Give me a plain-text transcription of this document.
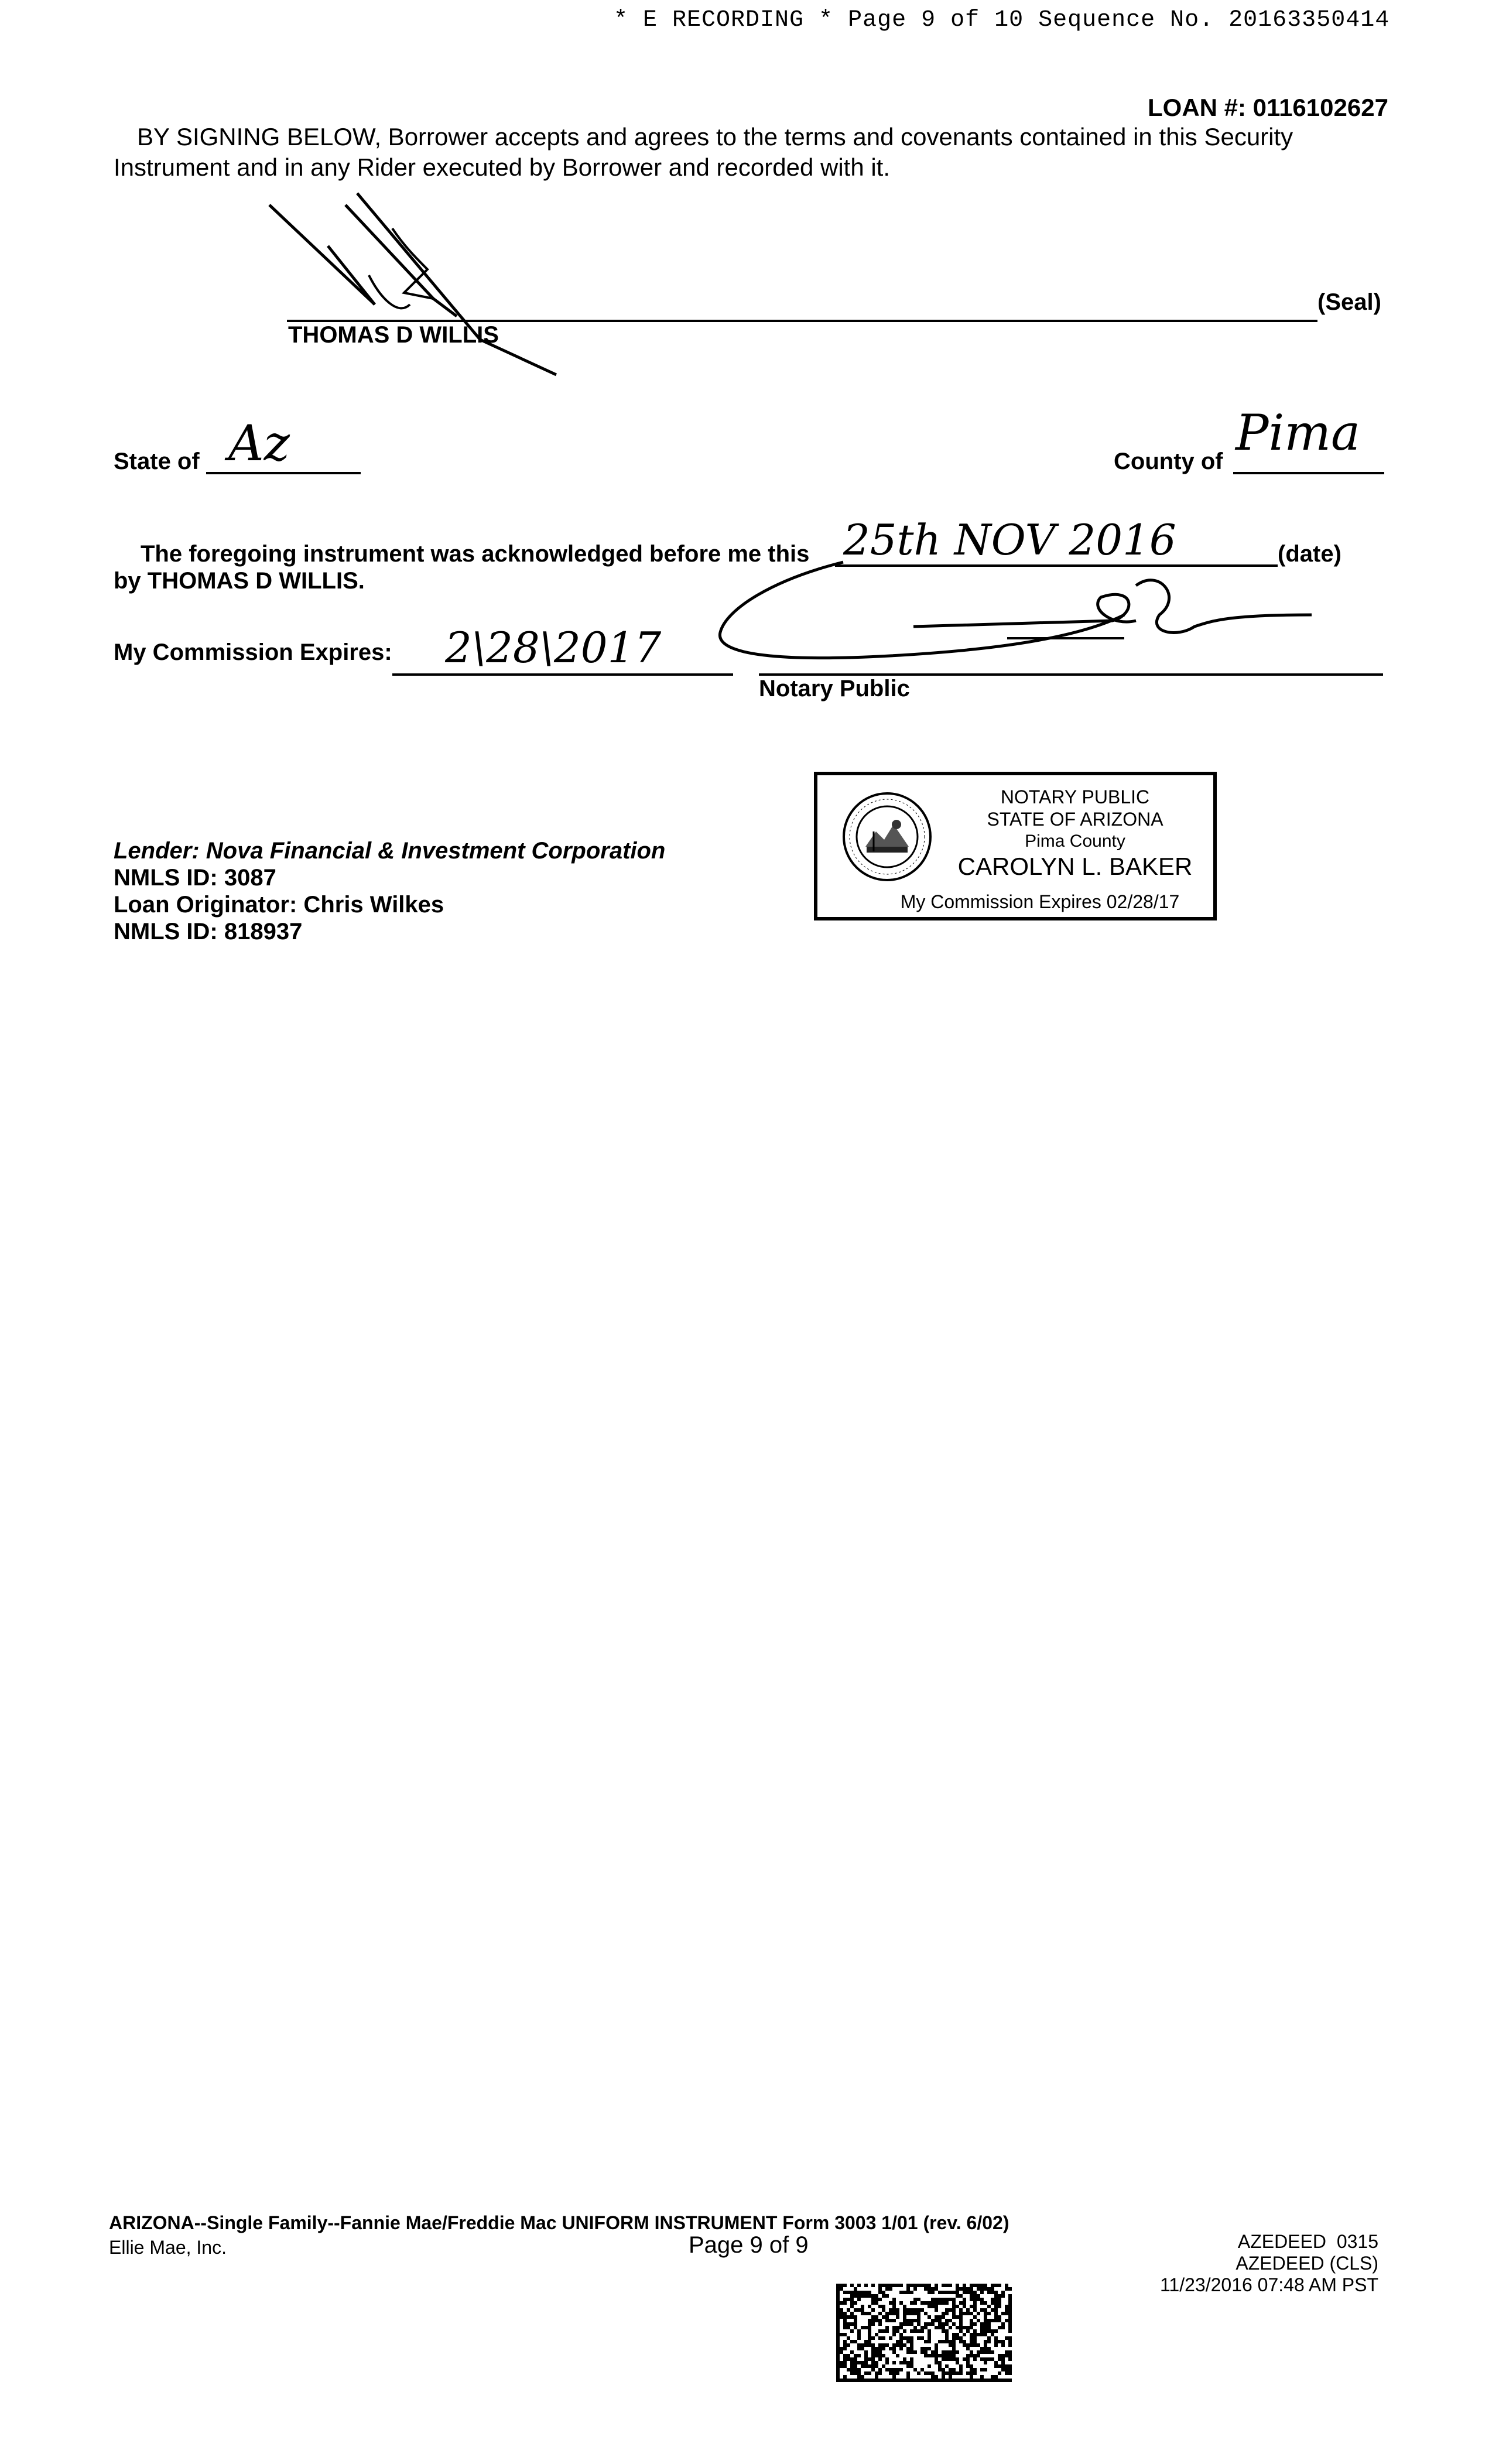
* E RECORDING * Page 9 of 10 Sequence No. 20163350414
LOAN #: 0116102627
BY SIGNING BELOW, Borrower accepts and agrees to the terms and covenants contained in this Security
Instrument and in any Rider executed by Borrower and recorded with it.
(Seal)
THOMAS D WILLIS
State of Az	County of Pima
The foregoing instrument was acknowledged before me this 25th NOV 2016	(date)
by THOMAS D WILLIS.
My Commission Expires: 2\28\2017
Notary Public
NOTARY PUBLIC
STATE OF ARIZONA
Pima County
CAROLYN L. BAKER
My Commission Expires 02/28/17
Lender: Nova Financial & Investment Corporation
NMLS ID: 3087
Loan Originator: Chris Wilkes
NMLS ID: 818937
ARIZONA--Single Family--Fannie Mae/Freddie Mac UNIFORM INSTRUMENT Form 3003 1/01 (rev. 6/02)
Ellie Mae, Inc.	Page 9 of 9	AZEDEED  0315
AZEDEED (CLS)
11/23/2016 07:48 AM PST
